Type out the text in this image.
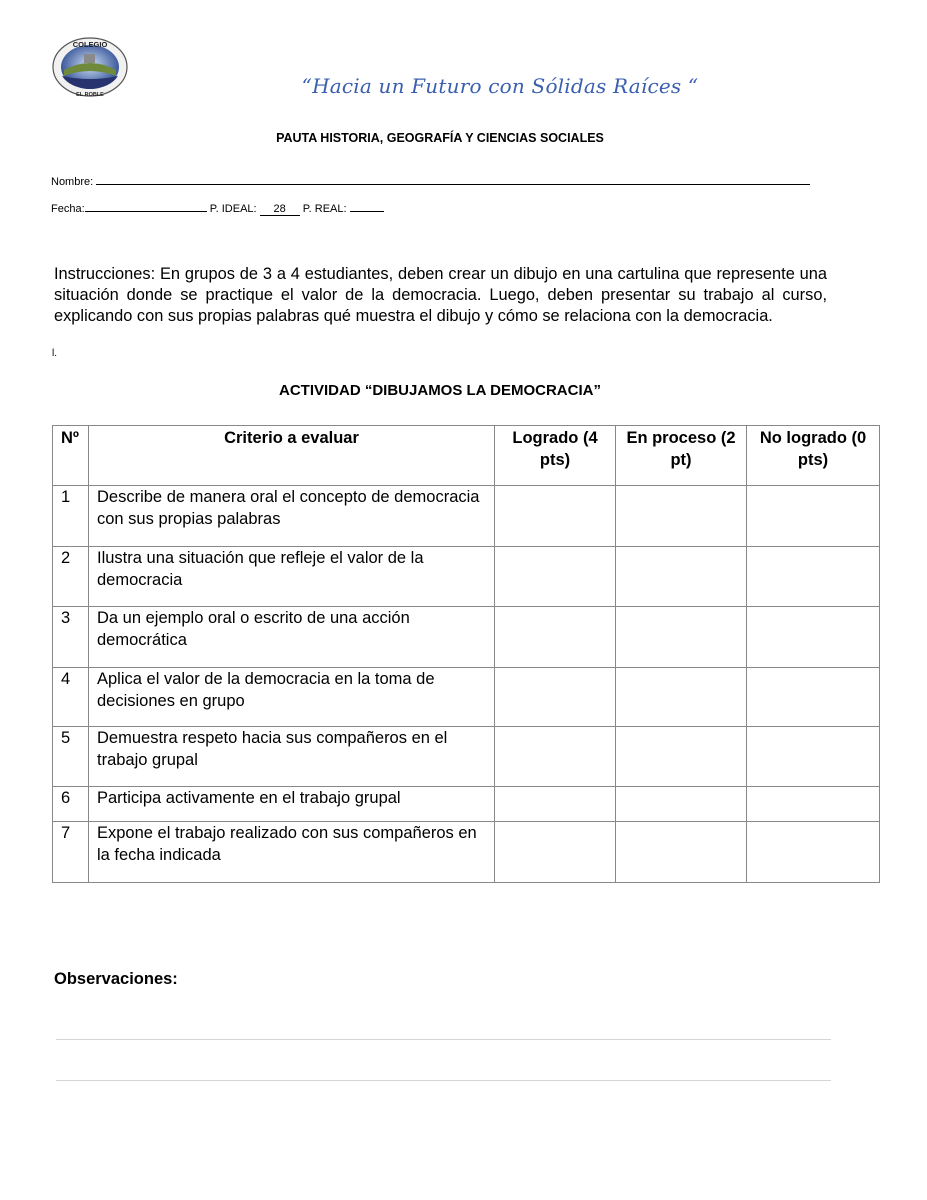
COLEGIO
EL ROBLE	“Hacia un Futuro con Sólidas Raíces “
PAUTA HISTORIA, GEOGRAFÍA Y CIENCIAS SOCIALES
Nombre:
Fecha:	P. IDEAL: 28 P. REAL:
Instrucciones: En grupos de 3 a 4 estudiantes, deben crear un dibujo en una cartulina que represente una situación donde se practique el valor de la democracia. Luego, deben presentar su trabajo al curso, explicando con sus propias palabras qué muestra el dibujo y cómo se relaciona con la democracia.
l.
ACTIVIDAD “DIBUJAMOS LA DEMOCRACIA”
Nº	Criterio a evaluar	Logrado (4 pts)	En proceso (2 pt)	No logrado (0 pts)
1	Describe de manera oral el concepto de democracia con sus propias palabras			
2	Ilustra una situación que refleje el valor de la democracia			
3	Da un ejemplo oral o escrito de una acción democrática			
4	Aplica el valor de la democracia en la toma de decisiones en grupo			
5	Demuestra respeto hacia sus compañeros en el trabajo grupal			
6	Participa activamente en el trabajo grupal			
7	Expone el trabajo realizado con sus compañeros en la fecha indicada			
Observaciones:
